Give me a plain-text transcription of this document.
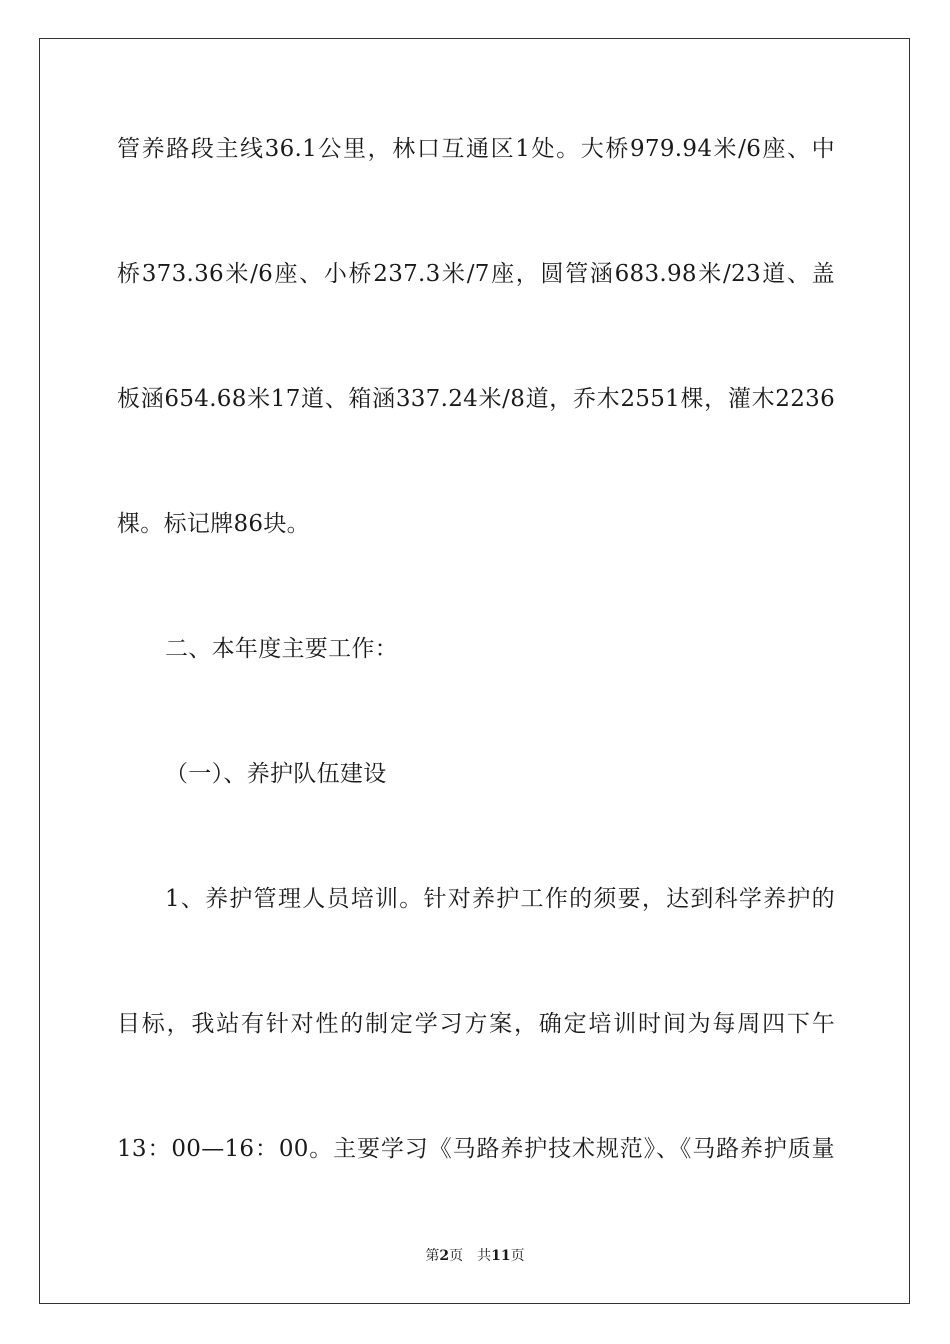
管养路段主线36.1公里，林口互通区1处。大桥979.94米/6座、中
桥373.36米/6座、小桥237.3米/7座，圆管涵683.98米/23道、盖
板涵654.68米17道、箱涵337.24米/8道，乔木2551棵，灌木2236
棵。标记牌86块。
二、本年度主要工作：
（一）、养护队伍建设
1、养护管理人员培训。针对养护工作的须要，达到科学养护的
目标，我站有针对性的制定学习方案，确定培训时间为每周四下午
13：00—16：00。主要学习《马路养护技术规范》、《马路养护质量
第2页 共11页
